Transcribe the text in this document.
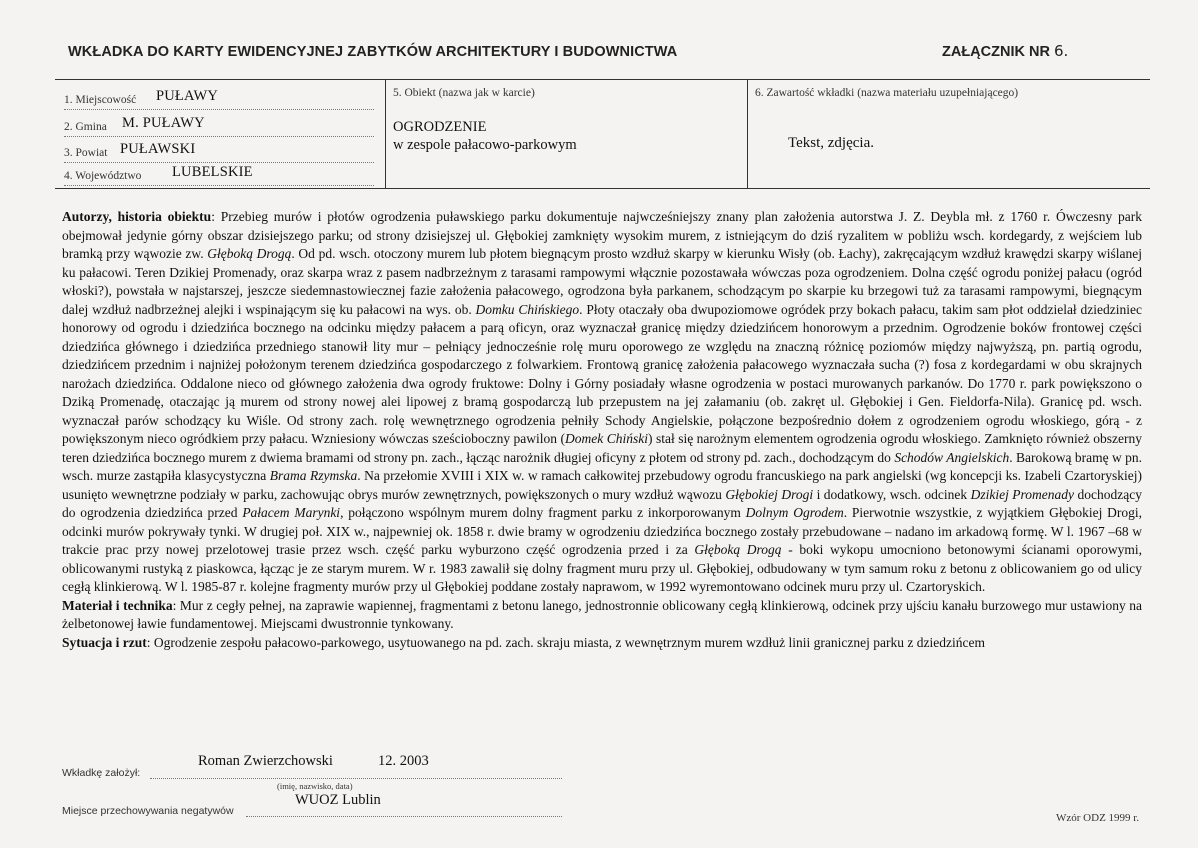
WKŁADKA DO KARTY EWIDENCYJNEJ ZABYTKÓW ARCHITEKTURY I BUDOWNICTWA	ZAŁĄCZNIK NR 6.
1. Miejscowość PUŁAWY
2. Gmina M. PUŁAWY
3. Powiat PUŁAWSKI
4. Województwo LUBELSKIE
5. Obiekt (nazwa jak w karcie)
OGRODZENIE
w zespole pałacowo-parkowym
6. Zawartość wkładki (nazwa materiału uzupełniającego)
Tekst, zdjęcia.

Autorzy, historia obiektu: Przebieg murów i płotów ogrodzenia puławskiego parku dokumentuje najwcześniejszy znany plan założenia autorstwa J. Z. Deybla mł. z 1760 r. Ówczesny park obejmował jedynie górny obszar dzisiejszego parku; od strony dzisiejszej ul. Głębokiej zamknięty wysokim murem, z istniejącym do dziś ryzalitem w pobliżu wsch. kordegardy, z wejściem lub bramką przy wąwozie zw. Głęboką Drogą. Od pd. wsch. otoczony murem lub płotem biegnącym prosto wzdłuż skarpy w kierunku Wisły (ob. Łachy), zakręcającym wzdłuż krawędzi skarpy wiślanej ku pałacowi. Teren Dzikiej Promenady, oraz skarpa wraz z pasem nadbrzeżnym z tarasami rampowymi włącznie pozostawała wówczas poza ogrodzeniem. Dolna część ogrodu poniżej pałacu (ogród włoski?), powstała w najstarszej, jeszcze siedemnastowiecznej fazie założenia pałacowego, ogrodzona była parkanem, schodzącym po skarpie ku brzegowi tuż za tarasami rampowymi, biegnącym dalej wzdłuż nadbrzeżnej alejki i wspinającym się ku pałacowi na wys. ob. Domku Chińskiego. Płoty otaczały oba dwupoziomowe ogródek przy bokach pałacu, takim sam płot oddzielał dziedziniec honorowy od ogrodu i dziedzińca bocznego na odcinku między pałacem a parą oficyn, oraz wyznaczał granicę między dziedzińcem honorowym a przednim. Ogrodzenie boków frontowej części dziedzińca głównego i dziedzińca przedniego stanowił lity mur – pełniący jednocześnie rolę muru oporowego ze względu na znaczną różnicę poziomów między najwyższą, pn. partią ogrodu, dziedzińcem przednim i najniżej położonym terenem dziedzińca gospodarczego z folwarkiem. Frontową granicę założenia pałacowego wyznaczała sucha (?) fosa z kordegardami w obu skrajnych narożach dziedzińca. Oddalone nieco od głównego założenia dwa ogrody fruktowe: Dolny i Górny posiadały własne ogrodzenia w postaci murowanych parkanów. Do 1770 r. park powiększono o Dziką Promenadę, otaczając ją murem od strony nowej alei lipowej z bramą gospodarczą lub przepustem na jej załamaniu (ob. zakręt ul. Głębokiej i Gen. Fieldorfa-Nila). Granicę pd. wsch. wyznaczał parów schodzący ku Wiśle. Od strony zach. rolę wewnętrznego ogrodzenia pełniły Schody Angielskie, połączone bezpośrednio dołem z ogrodzeniem ogrodu włoskiego, górą - z powiększonym nieco ogródkiem przy pałacu. Wzniesiony wówczas sześcioboczny pawilon (Domek Chiński) stał się narożnym elementem ogrodzenia ogrodu włoskiego. Zamknięto również obszerny teren dziedzińca bocznego murem z dwiema bramami od strony pn. zach., łącząc narożnik długiej oficyny z płotem od strony pd. zach., dochodzącym do Schodów Angielskich. Barokową bramę w pn. wsch. murze zastąpiła klasycystyczna Brama Rzymska. Na przełomie XVIII i XIX w. w ramach całkowitej przebudowy ogrodu francuskiego na park angielski (wg koncepcji ks. Izabeli Czartoryskiej) usunięto wewnętrzne podziały w parku, zachowując obrys murów zewnętrznych, powiększonych o mury wzdłuż wąwozu Głębokiej Drogi i dodatkowy, wsch. odcinek Dzikiej Promenady dochodzący do ogrodzenia dziedzińca przed Pałacem Marynki, połączono wspólnym murem dolny fragment parku z inkorporowanym Dolnym Ogrodem. Pierwotnie wszystkie, z wyjątkiem Głębokiej Drogi, odcinki murów pokrywały tynki. W drugiej poł. XIX w., najpewniej ok. 1858 r. dwie bramy w ogrodzeniu dziedzińca bocznego zostały przebudowane – nadano im arkadową formę. W l. 1967 –68 w trakcie prac przy nowej przelotowej trasie przez wsch. część parku wyburzono część ogrodzenia przed i za Głęboką Drogą - boki wykopu umocniono betonowymi ścianami oporowymi, oblicowanymi rustyką z piaskowca, łącząc je ze starym murem. W r. 1983 zawalił się dolny fragment muru przy ul. Głębokiej, odbudowany w tym samum roku z betonu z oblicowaniem go od ulicy cegłą klinkierową. W l. 1985-87 r. kolejne fragmenty murów przy ul Głębokiej poddane zostały naprawom, w 1992 wyremontowano odcinek muru przy ul. Czartoryskich.

Materiał i technika: Mur z cegły pełnej, na zaprawie wapiennej, fragmentami z betonu lanego, jednostronnie oblicowany cegłą klinkierową, odcinek przy ujściu kanału burzowego mur ustawiony na żelbetonowej ławie fundamentowej. Miejscami dwustronnie tynkowany.

Sytuacja i rzut: Ogrodzenie zespołu pałacowo-parkowego, usytuowanego na pd. zach. skraju miasta, z wewnętrznym murem wzdłuż linii granicznej parku z dziedzińcem

Wkładkę założył:
Roman Zwierzchowski	12. 2003
(imię, nazwisko, data)
Miejsce przechowywania negatywów
WUOZ Lublin
Wzór ODZ 1999 r.
